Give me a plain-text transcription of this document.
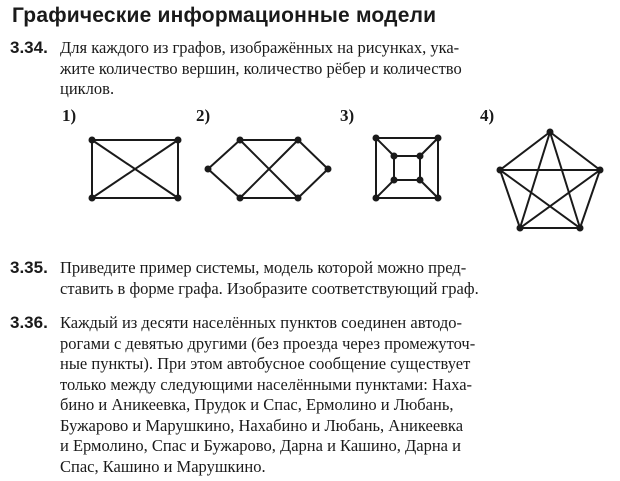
Графические информационные модели
3.34. Для каждого из графов, изображённых на рисунках, ука-
жите количество вершин, количество рёбер и количество
циклов.
1)	2)	3)	4)
3.35. Приведите пример системы, модель которой можно пред-
ставить в форме графа. Изобразите соответствующий граф.
3.36. Каждый из десяти населённых пунктов соединен автодо-
рогами с девятью другими (без проезда через промежуточ-
ные пункты). При этом автобусное сообщение существует
только между следующими населёнными пунктами: Наха-
бино и Аникеевка, Прудок и Спас, Ермолино и Любань,
Бужарово и Марушкино, Нахабино и Любань, Аникеевка
и Ермолино, Спас и Бужарово, Дарна и Кашино, Дарна и
Спас, Кашино и Марушкино.
